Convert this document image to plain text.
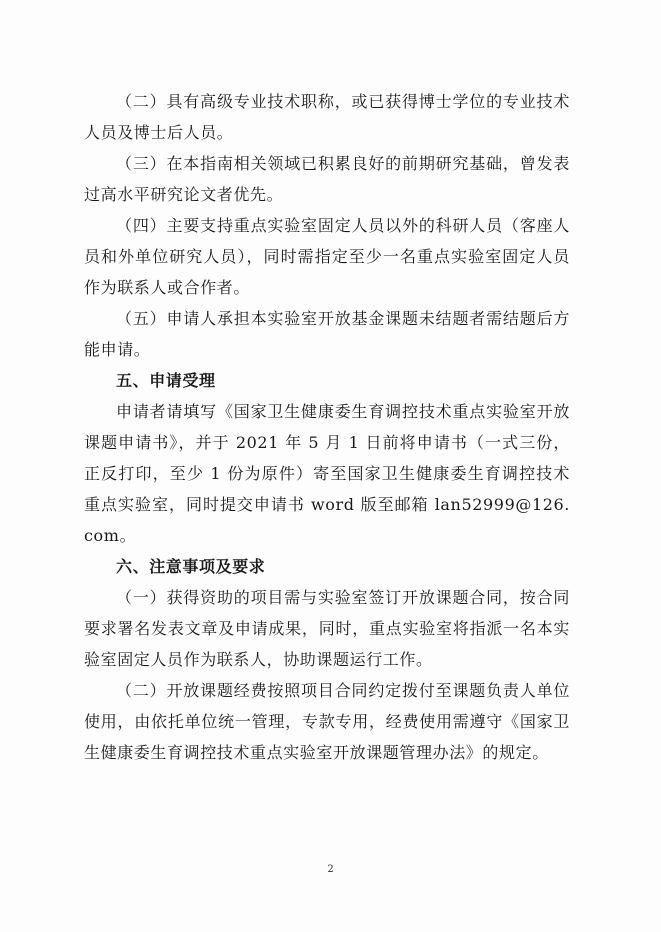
（二）具有高级专业技术职称，或已获得博士学位的专业技术人员及博士后人员。

（三）在本指南相关领域已积累良好的前期研究基础，曾发表过高水平研究论文者优先。

（四）主要支持重点实验室固定人员以外的科研人员（客座人员和外单位研究人员），同时需指定至少一名重点实验室固定人员作为联系人或合作者。

（五）申请人承担本实验室开放基金课题未结题者需结题后方能申请。

五、申请受理

申请者请填写《国家卫生健康委生育调控技术重点实验室开放课题申请书》，并于 2021 年 5 月 1 日前将申请书（一式三份，正反打印，至少 1 份为原件）寄至国家卫生健康委生育调控技术重点实验室，同时提交申请书 word 版至邮箱 lan52999@126.com。

六、注意事项及要求

（一）获得资助的项目需与实验室签订开放课题合同，按合同要求署名发表文章及申请成果，同时，重点实验室将指派一名本实验室固定人员作为联系人，协助课题运行工作。

（二）开放课题经费按照项目合同约定拨付至课题负责人单位使用，由依托单位统一管理，专款专用，经费使用需遵守《国家卫生健康委生育调控技术重点实验室开放课题管理办法》的规定。

2
